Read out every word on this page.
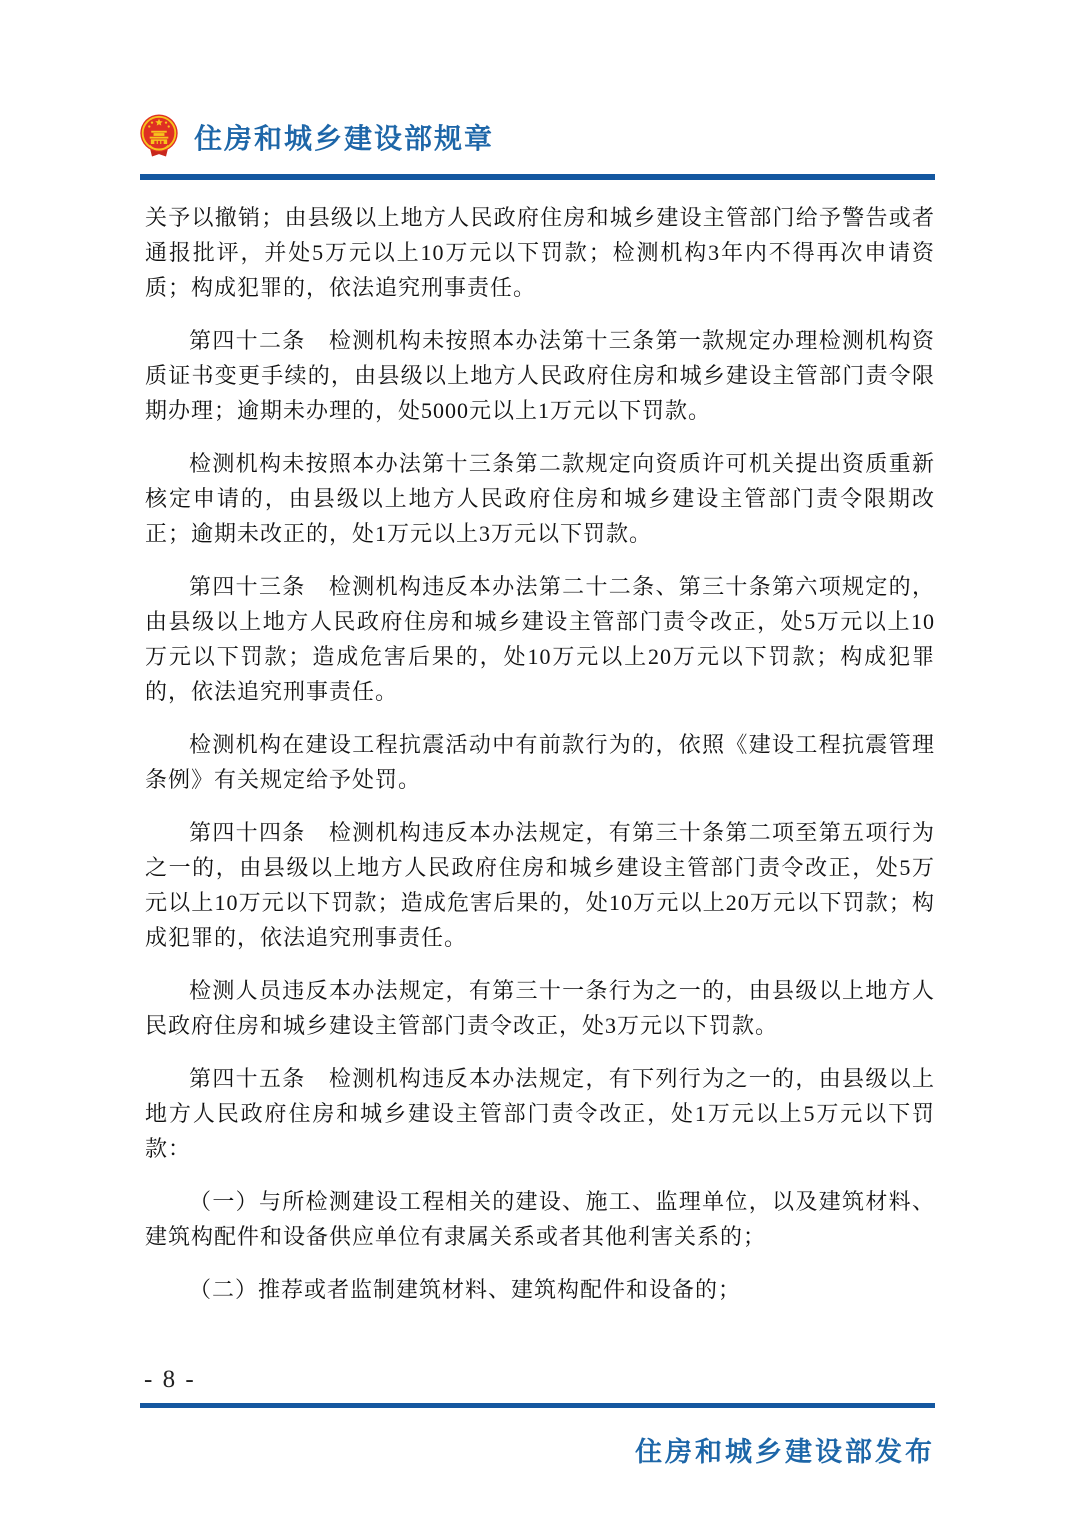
住房和城乡建设部规章

关予以撤销；由县级以上地方人民政府住房和城乡建设主管部门给予警告或者通报批评，并处5万元以上10万元以下罚款；检测机构3年内不得再次申请资质；构成犯罪的，依法追究刑事责任。

第四十二条　检测机构未按照本办法第十三条第一款规定办理检测机构资质证书变更手续的，由县级以上地方人民政府住房和城乡建设主管部门责令限期办理；逾期未办理的，处5000元以上1万元以下罚款。

检测机构未按照本办法第十三条第二款规定向资质许可机关提出资质重新核定申请的，由县级以上地方人民政府住房和城乡建设主管部门责令限期改正；逾期未改正的，处1万元以上3万元以下罚款。

第四十三条　检测机构违反本办法第二十二条、第三十条第六项规定的，由县级以上地方人民政府住房和城乡建设主管部门责令改正，处5万元以上10万元以下罚款；造成危害后果的，处10万元以上20万元以下罚款；构成犯罪的，依法追究刑事责任。

检测机构在建设工程抗震活动中有前款行为的，依照《建设工程抗震管理条例》有关规定给予处罚。

第四十四条　检测机构违反本办法规定，有第三十条第二项至第五项行为之一的，由县级以上地方人民政府住房和城乡建设主管部门责令改正，处5万元以上10万元以下罚款；造成危害后果的，处10万元以上20万元以下罚款；构成犯罪的，依法追究刑事责任。

检测人员违反本办法规定，有第三十一条行为之一的，由县级以上地方人民政府住房和城乡建设主管部门责令改正，处3万元以下罚款。

第四十五条　检测机构违反本办法规定，有下列行为之一的，由县级以上地方人民政府住房和城乡建设主管部门责令改正，处1万元以上5万元以下罚款：

（一）与所检测建设工程相关的建设、施工、监理单位，以及建筑材料、建筑构配件和设备供应单位有隶属关系或者其他利害关系的；

（二）推荐或者监制建筑材料、建筑构配件和设备的；

- 8 -
住房和城乡建设部发布
